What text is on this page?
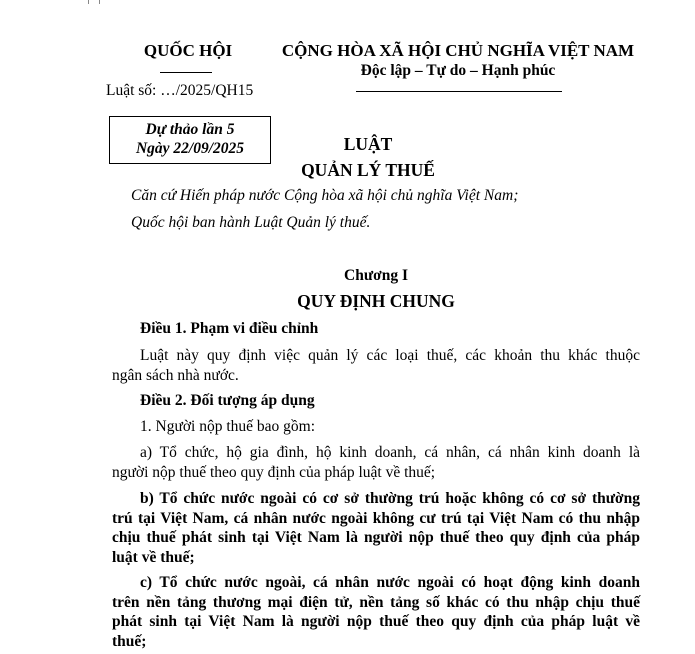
QUỐC HỘI
Luật số: …/2025/QH15
CỘNG HÒA XÃ HỘI CHỦ NGHĨA VIỆT NAM
Độc lập – Tự do – Hạnh phúc
Dự thảo lần 5
Ngày 22/09/2025	LUẬT
QUẢN LÝ THUẾ
Căn cứ Hiến pháp nước Cộng hòa xã hội chủ nghĩa Việt Nam;
Quốc hội ban hành Luật Quản lý thuế.
Chương I
QUY ĐỊNH CHUNG
Điều 1. Phạm vi điều chỉnh
Luật này quy định việc quản lý các loại thuế, các khoản thu khác thuộc
ngân sách nhà nước.
Điều 2. Đối tượng áp dụng
1. Người nộp thuế bao gồm:
a) Tổ chức, hộ gia đình, hộ kinh doanh, cá nhân, cá nhân kinh doanh là
người nộp thuế theo quy định của pháp luật về thuế;
b) Tổ chức nước ngoài có cơ sở thường trú hoặc không có cơ sở thường
trú tại Việt Nam, cá nhân nước ngoài không cư trú tại Việt Nam có thu nhập
chịu thuế phát sinh tại Việt Nam là người nộp thuế theo quy định của pháp
luật về thuế;
c) Tổ chức nước ngoài, cá nhân nước ngoài có hoạt động kinh doanh
trên nền tảng thương mại điện tử, nền tảng số khác có thu nhập chịu thuế
phát sinh tại Việt Nam là người nộp thuế theo quy định của pháp luật về
thuế;
